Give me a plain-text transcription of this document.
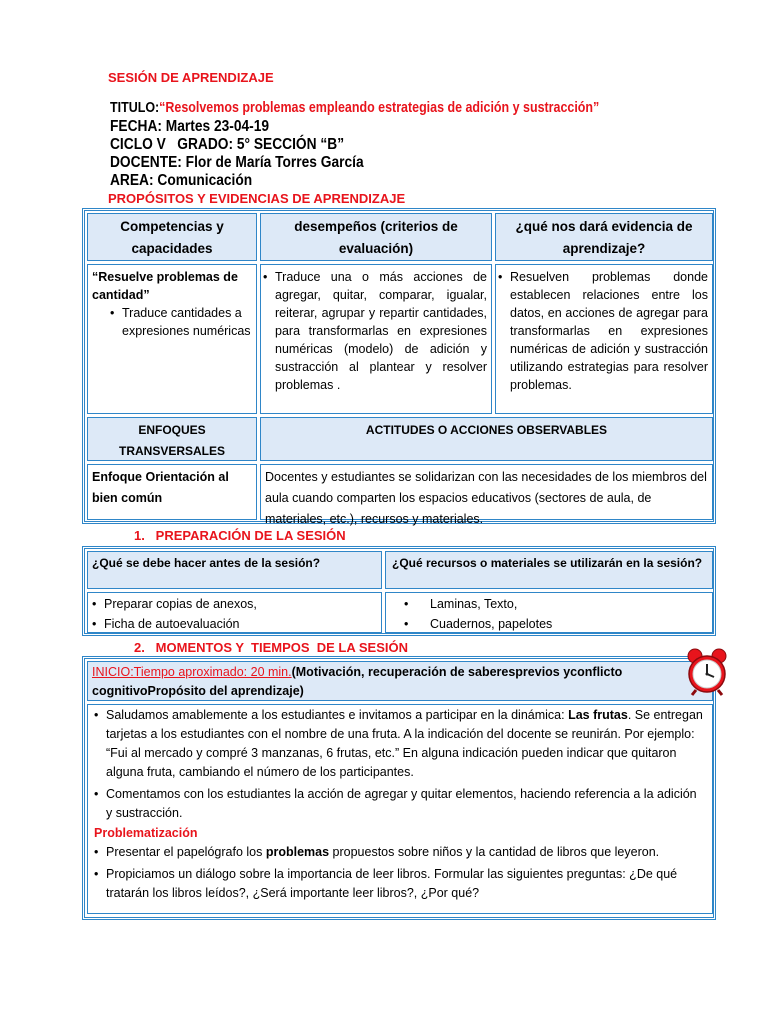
SESIÓN DE APRENDIZAJE
TITULO:“Resolvemos problemas empleando estrategias de adición y sustracción”
FECHA: Martes 23-04-19
CICLO V   GRADO: 5° SECCIÓN “B”
DOCENTE: Flor de María Torres García
AREA: Comunicación
PROPÓSITOS Y EVIDENCIAS DE APRENDIZAJE
Competencias y capacidades
desempeños (criterios de evaluación)
¿qué nos dará evidencia de aprendizaje?
“Resuelve problemas de cantidad”
• Traduce cantidades a expresiones numéricas
• Traduce una o más acciones de agregar, quitar, comparar, igualar, reiterar, agrupar y repartir cantidades, para transformarlas en expresiones numéricas (modelo) de adición y sustracción al plantear y resolver problemas .
• Resuelven problemas donde establecen relaciones entre los datos, en acciones de agregar para transformarlas en expresiones numéricas de adición y sustracción utilizando estrategias para resolver problemas.
ENFOQUES TRANSVERSALES
ACTITUDES O ACCIONES OBSERVABLES
Enfoque Orientación al bien común
Docentes y estudiantes se solidarizan con las necesidades de los miembros del aula cuando comparten los espacios educativos (sectores de aula, de materiales, etc.), recursos y materiales.
1.   PREPARACIÓN DE LA SESIÓN
¿Qué se debe hacer antes de la sesión?	¿Qué recursos o materiales se utilizarán en la sesión?
• Preparar copias de anexos,
• Ficha de autoevaluación
• Laminas, Texto,
• Cuadernos, papelotes
2.   MOMENTOS Y  TIEMPOS  DE LA SESIÓN
INICIO:Tiempo aproximado: 20 min.(Motivación, recuperación de saberesprevios yconflicto cognitivoPropósito del aprendizaje)
• Saludamos amablemente a los estudiantes e invitamos a participar en la dinámica: Las frutas. Se entregan tarjetas a los estudiantes con el nombre de una fruta. A la indicación del docente se reunirán. Por ejemplo: “Fui al mercado y compré 3 manzanas, 6 frutas, etc.” En alguna indicación pueden indicar que quitaron alguna fruta, cambiando el número de los participantes.
• Comentamos con los estudiantes la acción de agregar y quitar elementos, haciendo referencia a la adición y sustracción.
Problematización
• Presentar el papelógrafo los problemas propuestos sobre niños y la cantidad de libros que leyeron.
• Propiciamos un diálogo sobre la importancia de leer libros. Formular las siguientes preguntas: ¿De qué tratarán los libros leídos?, ¿Será importante leer libros?, ¿Por qué?
